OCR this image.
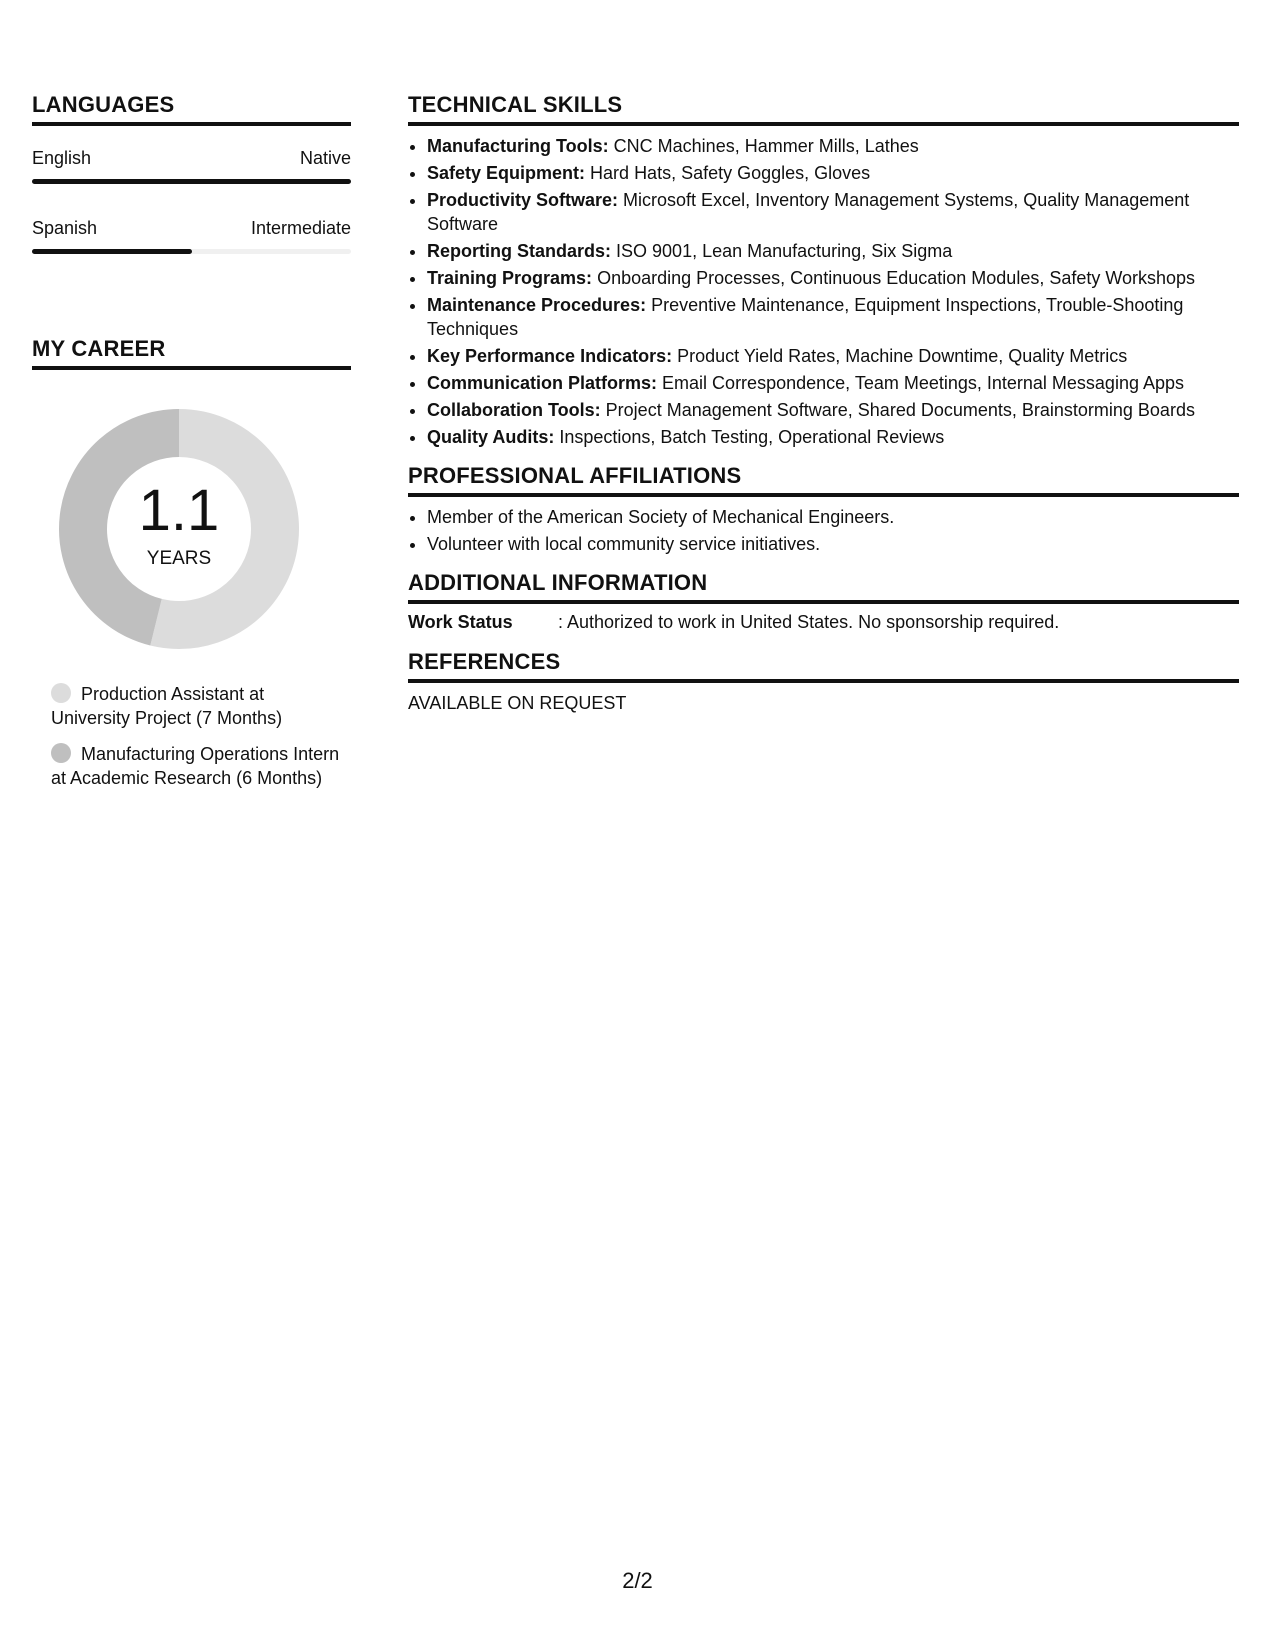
LANGUAGES
English	Native
Spanish	Intermediate
MY CAREER
1.1
YEARS
Production Assistant at University Project (7 Months)
Manufacturing Operations Intern at Academic Research (6 Months)
TECHNICAL SKILLS
• Manufacturing Tools: CNC Machines, Hammer Mills, Lathes
• Safety Equipment: Hard Hats, Safety Goggles, Gloves
• Productivity Software: Microsoft Excel, Inventory Management Systems, Quality Management Software
• Reporting Standards: ISO 9001, Lean Manufacturing, Six Sigma
• Training Programs: Onboarding Processes, Continuous Education Modules, Safety Workshops
• Maintenance Procedures: Preventive Maintenance, Equipment Inspections, Trouble-Shooting Techniques
• Key Performance Indicators: Product Yield Rates, Machine Downtime, Quality Metrics
• Communication Platforms: Email Correspondence, Team Meetings, Internal Messaging Apps
• Collaboration Tools: Project Management Software, Shared Documents, Brainstorming Boards
• Quality Audits: Inspections, Batch Testing, Operational Reviews
PROFESSIONAL AFFILIATIONS
• Member of the American Society of Mechanical Engineers.
• Volunteer with local community service initiatives.
ADDITIONAL INFORMATION
Work Status	: Authorized to work in United States. No sponsorship required.
REFERENCES
AVAILABLE ON REQUEST
2/2
